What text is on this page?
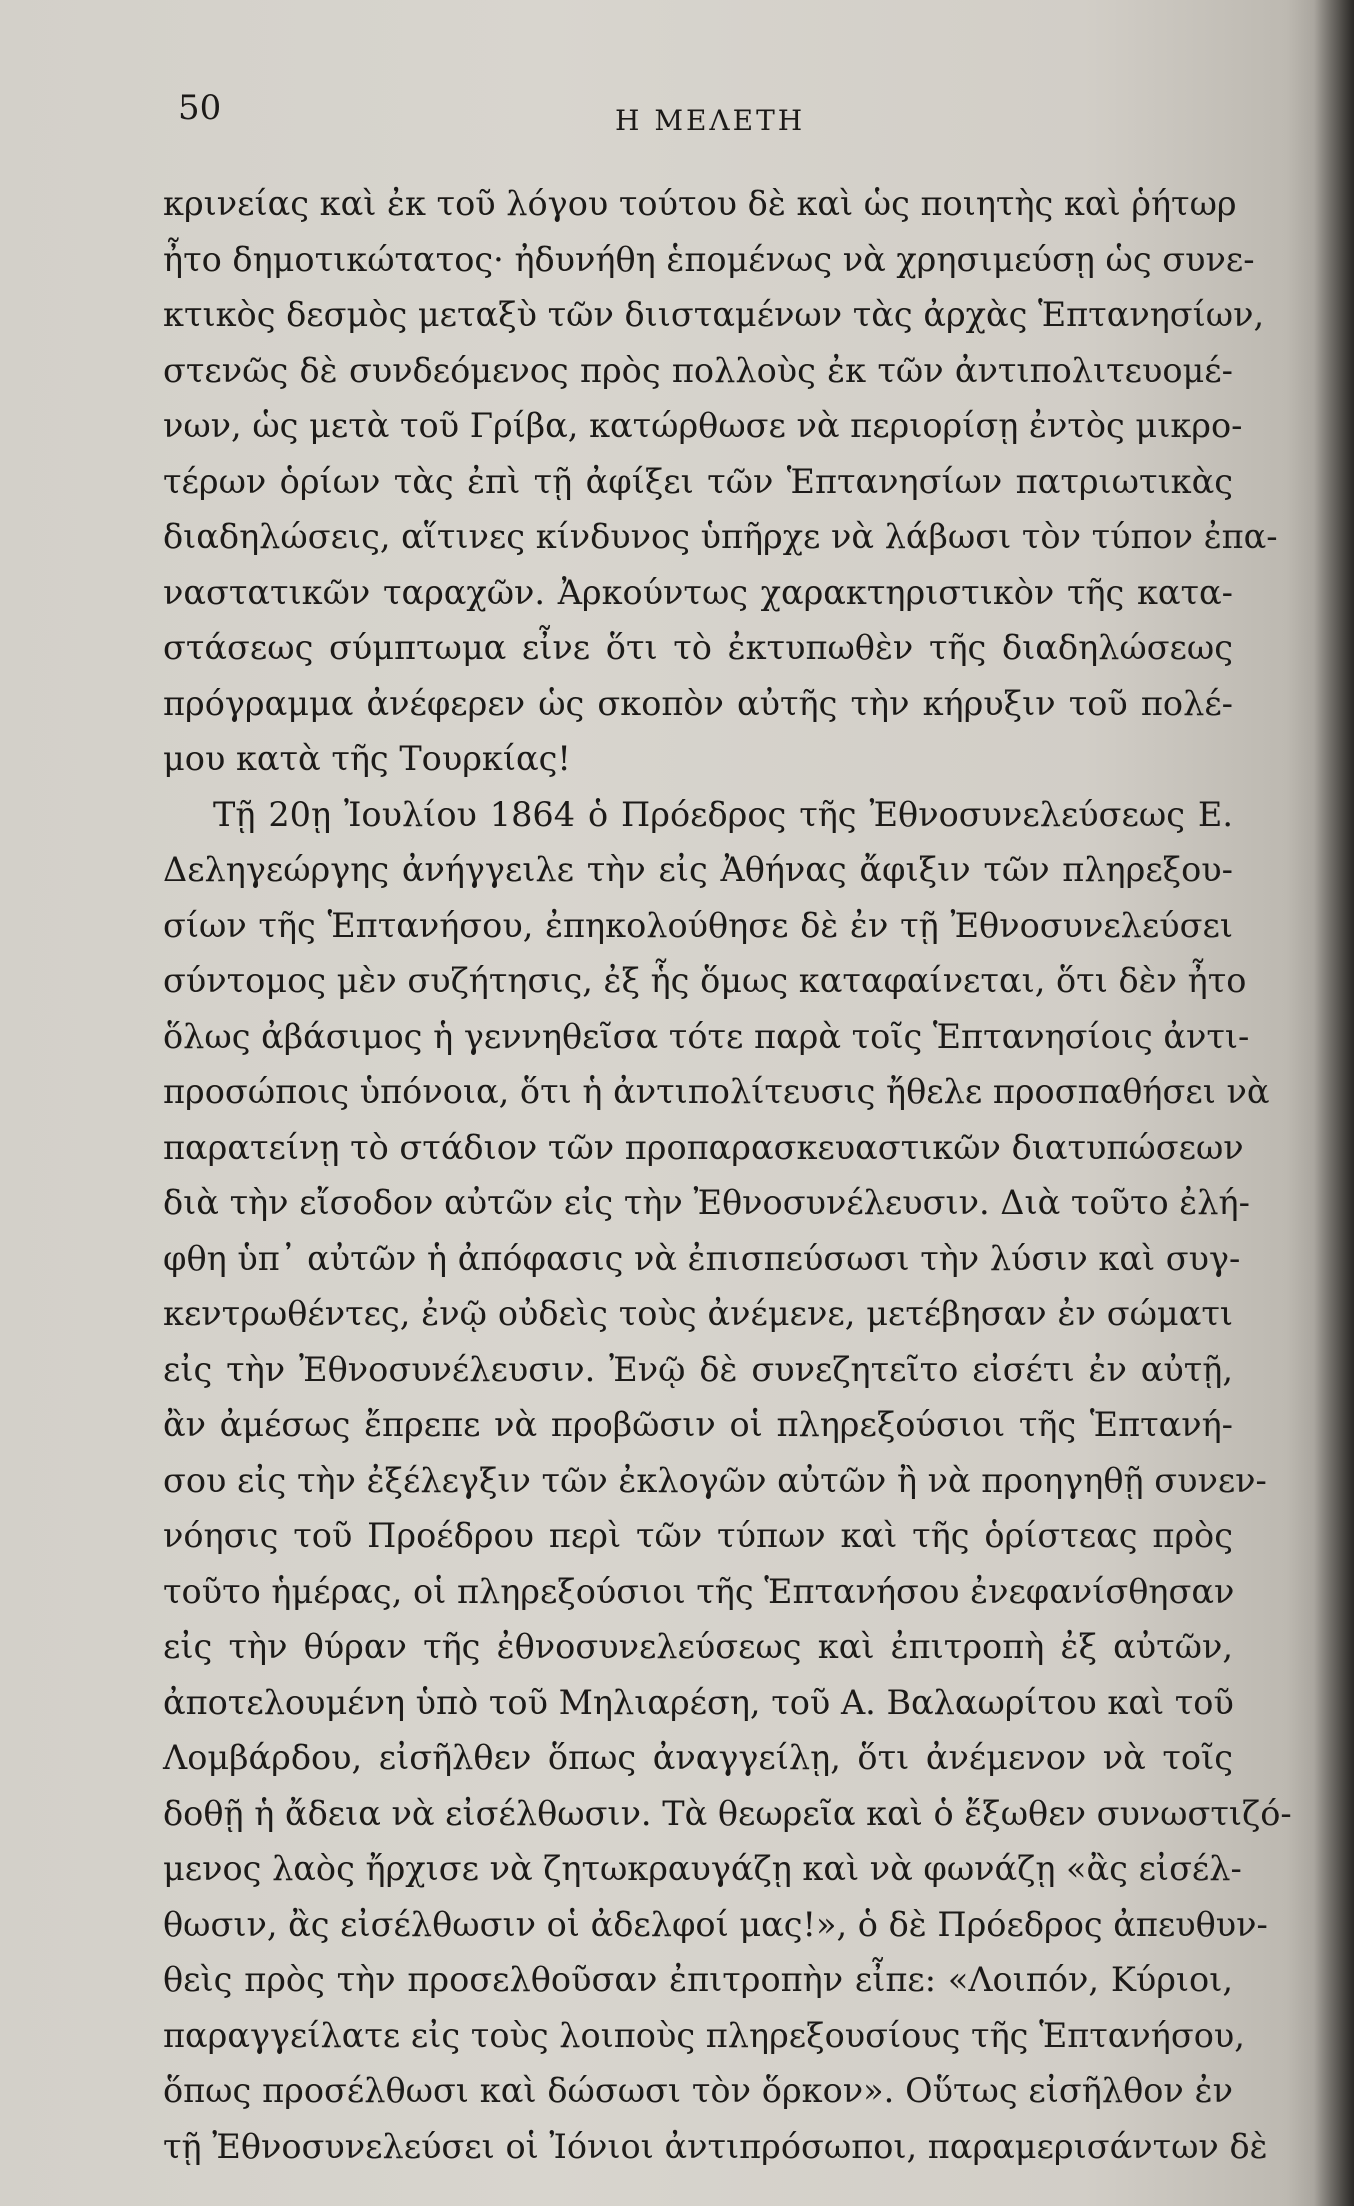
50	Η ΜΕΛΕΤΗ
κρινείας καὶ ἐκ τοῦ λόγου τούτου δὲ καὶ ὡς ποιητὴς καὶ ῥήτωρ
ἦτο δημοτικώτατος· ἠδυνήθη ἑπομένως νὰ χρησιμεύσῃ ὡς συνε-
κτικὸς δεσμὸς μεταξὺ τῶν διισταμένων τὰς ἀρχὰς Ἑπτανησίων,
στενῶς δὲ συνδεόμενος πρὸς πολλοὺς ἐκ τῶν ἀντιπολιτευομέ-
νων, ὡς μετὰ τοῦ Γρίβα, κατώρθωσε νὰ περιορίσῃ ἐντὸς μικρο-
τέρων ὁρίων τὰς ἐπὶ τῇ ἀφίξει τῶν Ἑπτανησίων πατριωτικὰς
διαδηλώσεις, αἵτινες κίνδυνος ὑπῆρχε νὰ λάβωσι τὸν τύπον ἐπα-
ναστατικῶν ταραχῶν. Ἀρκούντως χαρακτηριστικὸν τῆς κατα-
στάσεως σύμπτωμα εἶνε ὅτι τὸ ἐκτυπωθὲν τῆς διαδηλώσεως
πρόγραμμα ἀνέφερεν ὡς σκοπὸν αὐτῆς τὴν κήρυξιν τοῦ πολέ-
μου κατὰ τῆς Τουρκίας!
Τῇ 20ῃ Ἰουλίου 1864 ὁ Πρόεδρος τῆς Ἐθνοσυνελεύσεως Ε.
Δεληγεώργης ἀνήγγειλε τὴν εἰς Ἀθήνας ἄφιξιν τῶν πληρεξου-
σίων τῆς Ἑπτανήσου, ἐπηκολούθησε δὲ ἐν τῇ Ἐθνοσυνελεύσει
σύντομος μὲν συζήτησις, ἐξ ἧς ὅμως καταφαίνεται, ὅτι δὲν ἦτο
ὅλως ἀβάσιμος ἡ γεννηθεῖσα τότε παρὰ τοῖς Ἑπτανησίοις ἀντι-
προσώποις ὑπόνοια, ὅτι ἡ ἀντιπολίτευσις ἤθελε προσπαθήσει νὰ
παρατείνῃ τὸ στάδιον τῶν προπαρασκευαστικῶν διατυπώσεων
διὰ τὴν εἴσοδον αὐτῶν εἰς τὴν Ἐθνοσυνέλευσιν. Διὰ τοῦτο ἐλή-
φθη ὑπ᾽ αὐτῶν ἡ ἀπόφασις νὰ ἐπισπεύσωσι τὴν λύσιν καὶ συγ-
κεντρωθέντες, ἐνῷ οὐδεὶς τοὺς ἀνέμενε, μετέβησαν ἐν σώματι
εἰς τὴν Ἐθνοσυνέλευσιν. Ἐνῷ δὲ συνεζητεῖτο εἰσέτι ἐν αὐτῇ,
ἂν ἀμέσως ἔπρεπε νὰ προβῶσιν οἱ πληρεξούσιοι τῆς Ἑπτανή-
σου εἰς τὴν ἐξέλεγξιν τῶν ἐκλογῶν αὐτῶν ἢ νὰ προηγηθῇ συνεν-
νόησις τοῦ Προέδρου περὶ τῶν τύπων καὶ τῆς ὁρίστεας πρὸς
τοῦτο ἡμέρας, οἱ πληρεξούσιοι τῆς Ἑπτανήσου ἐνεφανίσθησαν
εἰς τὴν θύραν τῆς ἐθνοσυνελεύσεως καὶ ἐπιτροπὴ ἐξ αὐτῶν,
ἀποτελουμένη ὑπὸ τοῦ Μηλιαρέση, τοῦ Α. Βαλαωρίτου καὶ τοῦ
Λομβάρδου, εἰσῆλθεν ὅπως ἀναγγείλῃ, ὅτι ἀνέμενον νὰ τοῖς
δοθῇ ἡ ἄδεια νὰ εἰσέλθωσιν. Τὰ θεωρεῖα καὶ ὁ ἔξωθεν συνωστιζό-
μενος λαὸς ἤρχισε νὰ ζητωκραυγάζῃ καὶ νὰ φωνάζῃ «ἂς εἰσέλ-
θωσιν, ἂς εἰσέλθωσιν οἱ ἀδελφοί μας!», ὁ δὲ Πρόεδρος ἀπευθυν-
θεὶς πρὸς τὴν προσελθοῦσαν ἐπιτροπὴν εἶπε: «Λοιπόν, Κύριοι,
παραγγείλατε εἰς τοὺς λοιποὺς πληρεξουσίους τῆς Ἑπτανήσου,
ὅπως προσέλθωσι καὶ δώσωσι τὸν ὅρκον». Οὕτως εἰσῆλθον ἐν
τῇ Ἐθνοσυνελεύσει οἱ Ἰόνιοι ἀντιπρόσωποι, παραμερισάντων δὲ
